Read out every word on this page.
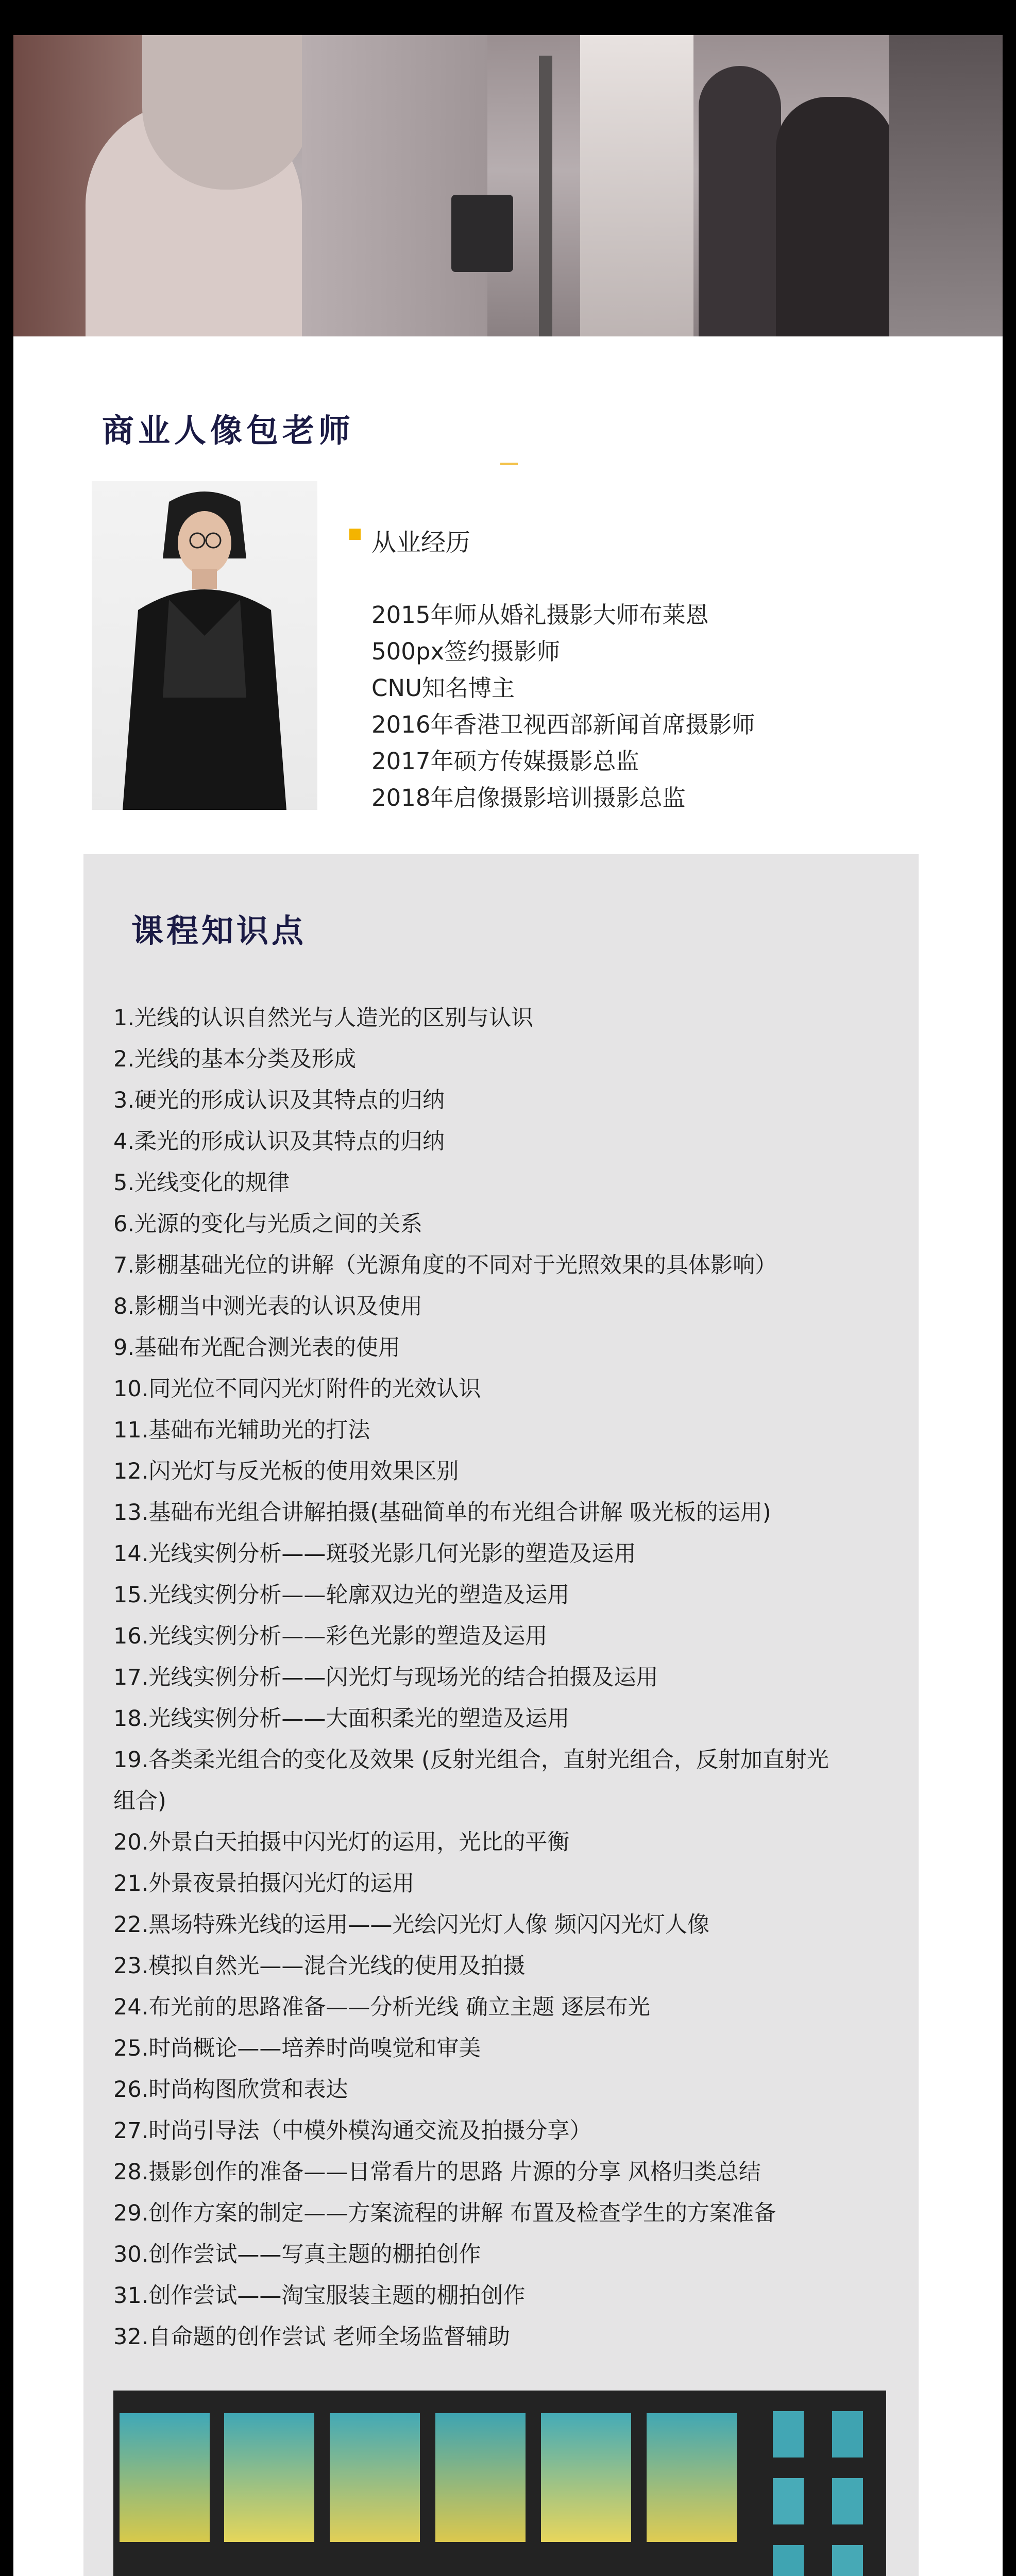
商业人像包老师
从业经历
2015年师从婚礼摄影大师布莱恩
500px签约摄影师
CNU知名博主
2016年香港卫视西部新闻首席摄影师
2017年硕方传媒摄影总监
2018年启像摄影培训摄影总监
课程知识点
1.光线的认识自然光与人造光的区别与认识
2.光线的基本分类及形成
3.硬光的形成认识及其特点的归纳
4.柔光的形成认识及其特点的归纳
5.光线变化的规律
6.光源的变化与光质之间的关系
7.影棚基础光位的讲解（光源角度的不同对于光照效果的具体影响）
8.影棚当中测光表的认识及使用
9.基础布光配合测光表的使用
10.同光位不同闪光灯附件的光效认识
11.基础布光辅助光的打法
12.闪光灯与反光板的使用效果区别
13.基础布光组合讲解拍摄(基础简单的布光组合讲解 吸光板的运用)
14.光线实例分析——斑驳光影几何光影的塑造及运用
15.光线实例分析——轮廓双边光的塑造及运用
16.光线实例分析——彩色光影的塑造及运用
17.光线实例分析——闪光灯与现场光的结合拍摄及运用
18.光线实例分析——大面积柔光的塑造及运用
19.各类柔光组合的变化及效果 (反射光组合，直射光组合，反射加直射光组合)
20.外景白天拍摄中闪光灯的运用，光比的平衡
21.外景夜景拍摄闪光灯的运用
22.黑场特殊光线的运用——光绘闪光灯人像 频闪闪光灯人像
23.模拟自然光——混合光线的使用及拍摄
24.布光前的思路准备——分析光线 确立主题 逐层布光
25.时尚概论——培养时尚嗅觉和审美
26.时尚构图欣赏和表达
27.时尚引导法（中模外模沟通交流及拍摄分享）
28.摄影创作的准备——日常看片的思路 片源的分享 风格归类总结
29.创作方案的制定——方案流程的讲解 布置及检查学生的方案准备
30.创作尝试——写真主题的棚拍创作
31.创作尝试——淘宝服装主题的棚拍创作
32.自命题的创作尝试 老师全场监督辅助
